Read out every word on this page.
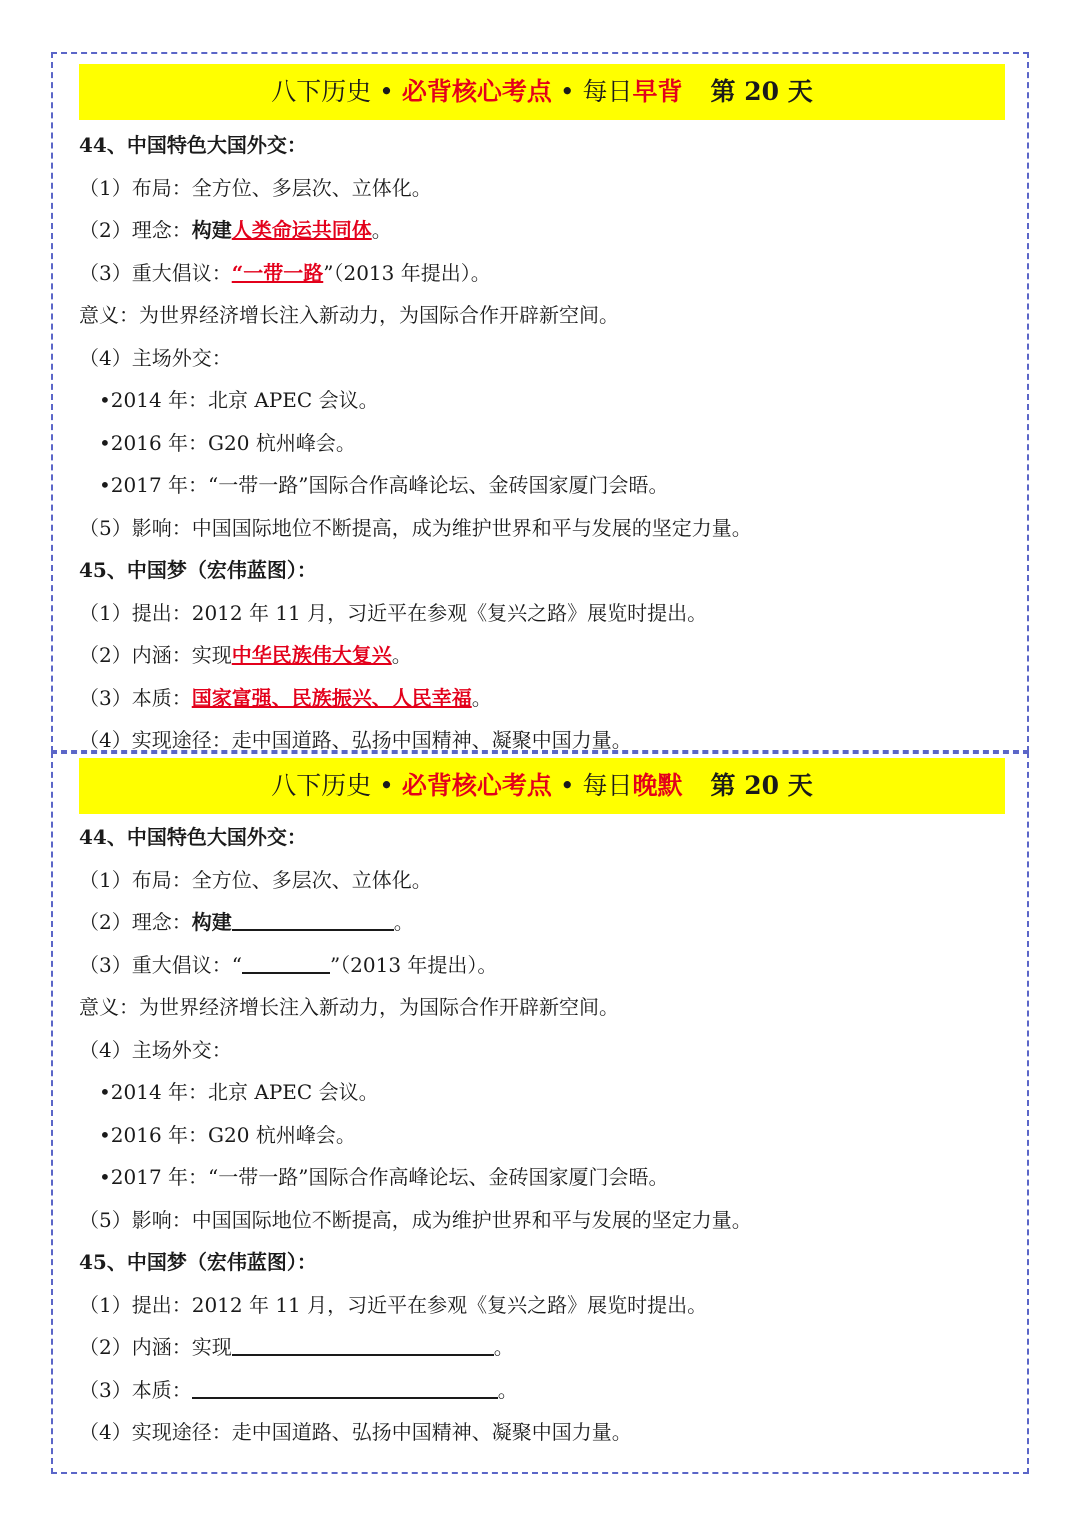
八下历史 • 必背核心考点 • 每日早背 第 20 天
44、中国特色大国外交：
（1）布局：全方位、多层次、立体化。
（2）理念：构建人类命运共同体。
（3）重大倡议：“一带一路”（2013 年提出）。
意义：为世界经济增长注入新动力，为国际合作开辟新空间。
（4）主场外交：
•2014 年：北京 APEC 会议。
•2016 年：G20 杭州峰会。
•2017 年：“一带一路”国际合作高峰论坛、金砖国家厦门会晤。
（5）影响：中国国际地位不断提高，成为维护世界和平与发展的坚定力量。
45、中国梦（宏伟蓝图）：
（1）提出：2012 年 11 月，习近平在参观《复兴之路》展览时提出。
（2）内涵：实现中华民族伟大复兴。
（3）本质：国家富强、民族振兴、人民幸福。
（4）实现途径：走中国道路、弘扬中国精神、凝聚中国力量。
八下历史 • 必背核心考点 • 每日晚默 第 20 天
44、中国特色大国外交：
（1）布局：全方位、多层次、立体化。
（2）理念：构建	。
（3）重大倡议：“	”（2013 年提出）。
意义：为世界经济增长注入新动力，为国际合作开辟新空间。
（4）主场外交：
•2014 年：北京 APEC 会议。
•2016 年：G20 杭州峰会。
•2017 年：“一带一路”国际合作高峰论坛、金砖国家厦门会晤。
（5）影响：中国国际地位不断提高，成为维护世界和平与发展的坚定力量。
45、中国梦（宏伟蓝图）：
（1）提出：2012 年 11 月，习近平在参观《复兴之路》展览时提出。
（2）内涵：实现	。
（3）本质：	。
（4）实现途径：走中国道路、弘扬中国精神、凝聚中国力量。
